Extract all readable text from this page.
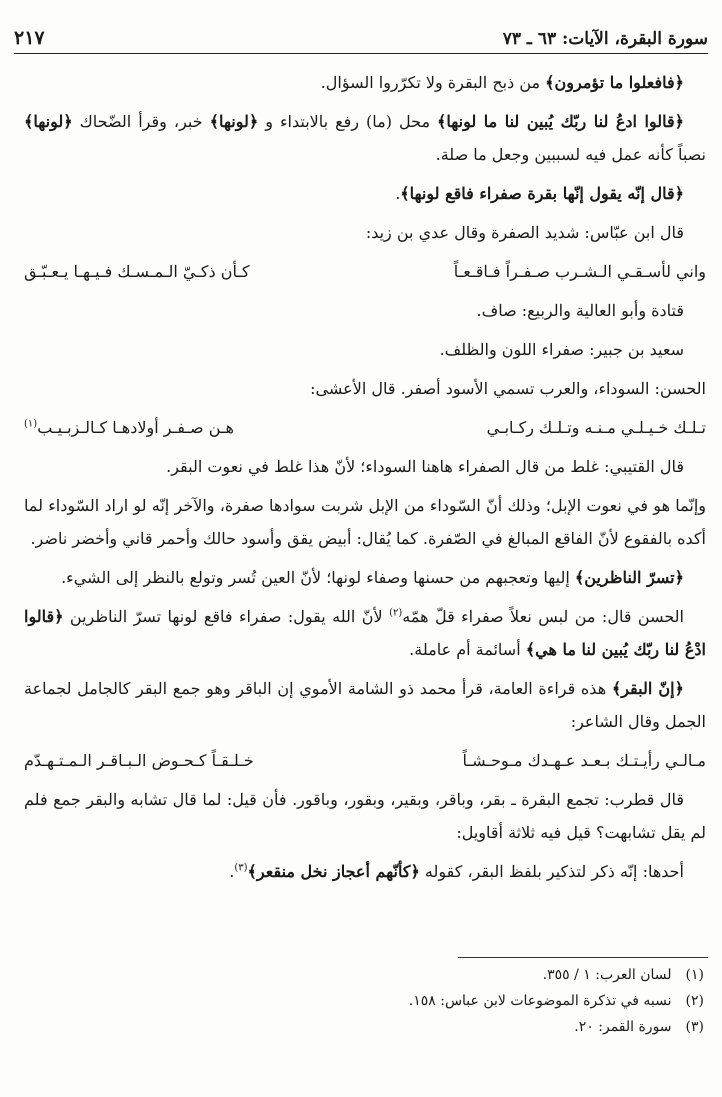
سورة البقرة، الآيات: ٦٣ ـ ٧٣
٢١٧

﴿فافعلوا ما تؤمرون﴾ من ذبح البقرة ولا تكرّروا السؤال.

﴿قالوا ادعُ لنا ربّك يُبين لنا ما لونها﴾ محل (ما) رفع بالابتداء و ﴿لونها﴾ خبر، وقرأ الضّحاك ﴿لونها﴾ نصباً كأنه عمل فيه لسببين وجعل ما صلة.

﴿قال إنّه يقول إنّها بقرة صفراء فاقع لونها﴾.

قال ابن عبّاس: شديد الصفرة وقال عدي بن زيد:

واني لأسـقـي الـشـرب صـفـراً فـاقـعـاً
كـأن ذكـيّ الـمـسـك فـيـهـا يـعـبّـق

قتادة وأبو العالية والربيع: صاف.

سعيد بن جبير: صفراء اللون والظلف.

الحسن: السوداء، والعرب تسمي الأسود أصفر. قال الأعشى:

تـلـك خـيـلـي مـنـه وتـلـك ركـابـي
هـن صـفـر أولادهـا كـالـزبـيـب$^{(١)}$

قال القتيبي: غلط من قال الصفراء هاهنا السوداء؛ لأنّ هذا غلط في نعوت البقر.

وإنّما هو في نعوت الإبل؛ وذلك أنّ السّوداء من الإبل شربت سوادها صفرة، والآخر إنّه لو اراد السّوداء لما أكده بالفقوع لأنّ الفاقع المبالغ في الصّفرة. كما يُقال: أبيض يقق وأسود حالك وأحمر قاني وأخضر ناضر.

﴿تسرّ الناظرين﴾ إليها وتعجبهم من حسنها وصفاء لونها؛ لأنّ العين تُسر وتولع بالنظر إلى الشيء.

الحسن قال: من لبس نعلاً صفراء قلّ همّه$^{(٢)}$ لأنّ الله يقول: صفراء فاقع لونها تسرّ الناظرين ﴿قالوا ادْعُ لنا ربّك يُبين لنا ما هي﴾ أسائمة أم عاملة.

﴿إنّ البقر﴾ هذه قراءة العامة، قرأ محمد ذو الشامة الأموي إن الباقر وهو جمع البقر كالجامل لجماعة الجمل وقال الشاعر:

مـالـي رأيـتـك بـعـد عـهـدك مـوحـشـاً
خـلـقـاً كـحـوض الـبـاقـر الـمـتـهـدّم

قال قطرب: تجمع البقرة ـ بقر، وباقر، وبقير، وبقور، وباقور. فأن قيل: لما قال تشابه والبقر جمع فلم لم يقل تشابهت؟ قيل فيه ثلاثة أقاويل:

أحدها: إنّه ذكر لتذكير بلفظ البقر، كقوله ﴿كأنّهم أعجاز نخل منقعر﴾$^{(٣)}$.

(١)
لسان العرب: ١ / ٣٥٥.
(٢)
نسبه في تذكرة الموضوعات لابن عباس: ١٥٨.
(٣)
سورة القمر: ٢٠.
